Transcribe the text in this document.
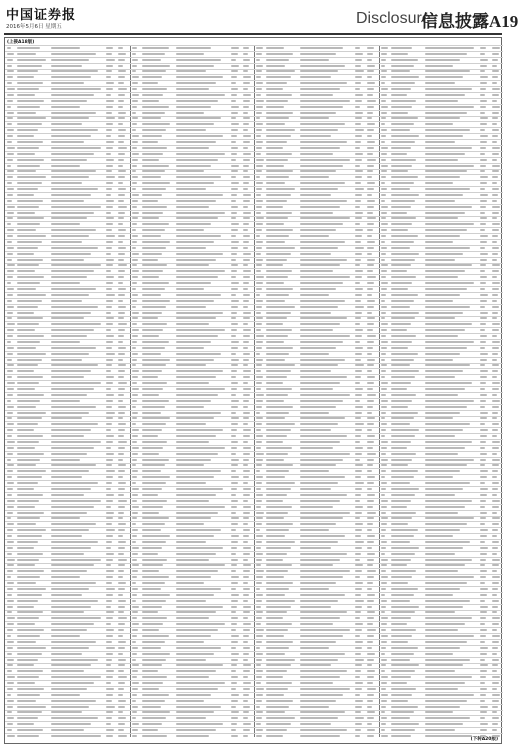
中国证券报
2016年5月6日 星期五	Disclosure
信息披露A19
(上接A18版)
(下转A20版)
